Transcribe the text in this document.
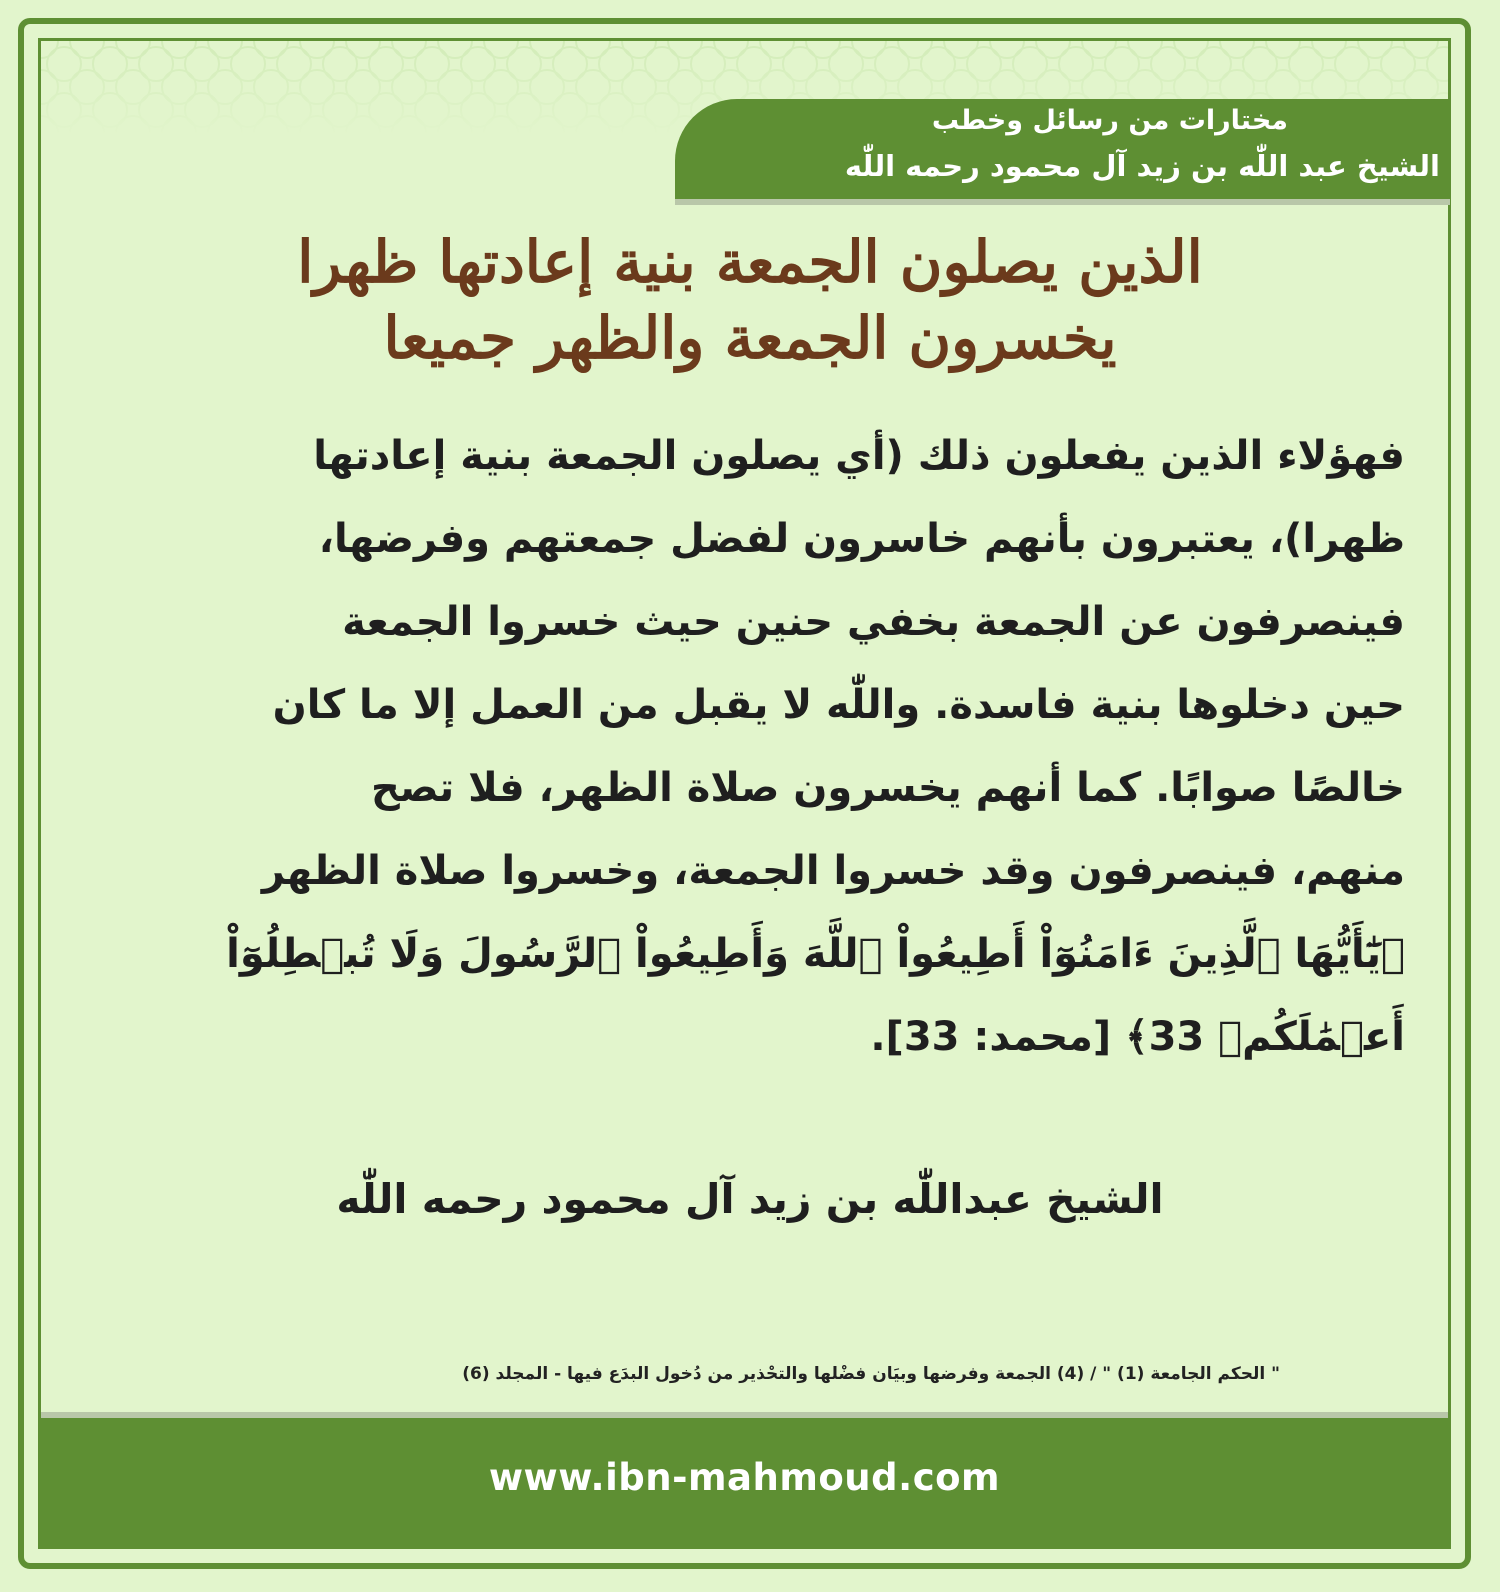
مختارات من رسائل وخطب
الشيخ عبد اللّٰه بن زيد آل محمود رحمه اللّٰه
الذين يصلون الجمعة بنية إعادتها ظهرا
يخسرون الجمعة والظهر جميعا
فهؤلاء الذين يفعلون ذلك (أي يصلون الجمعة بنية إعادتها
ظهرا)، يعتبرون بأنهم خاسرون لفضل جمعتهم وفرضها،
فينصرفون عن الجمعة بخفي حنين حيث خسروا الجمعة
حين دخلوها بنية فاسدة. واللّٰه لا يقبل من العمل إلا ما كان
خالصًا صوابًا. كما أنهم يخسرون صلاة الظهر، فلا تصح
منهم، فينصرفون وقد خسروا الجمعة، وخسروا صلاة الظهر
﴿يَٰٓأَيُّهَا ٱلَّذِينَ ءَامَنُوٓاْ أَطِيعُواْ ٱللَّهَ وَأَطِيعُواْ ٱلرَّسُولَ وَلَا تُبۡطِلُوٓاْ
أَعۡمَٰلَكُمۡ 33﴾ [محمد: 33].
الشيخ عبداللّٰه بن زيد آل محمود رحمه اللّٰه
" الحكم الجامعة (1) " / (4) الجمعة وفرضها وبيَان فضْلها والتحْذير من دُخول البدَع فيها - المجلد (6)
www.ibn-mahmoud.com
